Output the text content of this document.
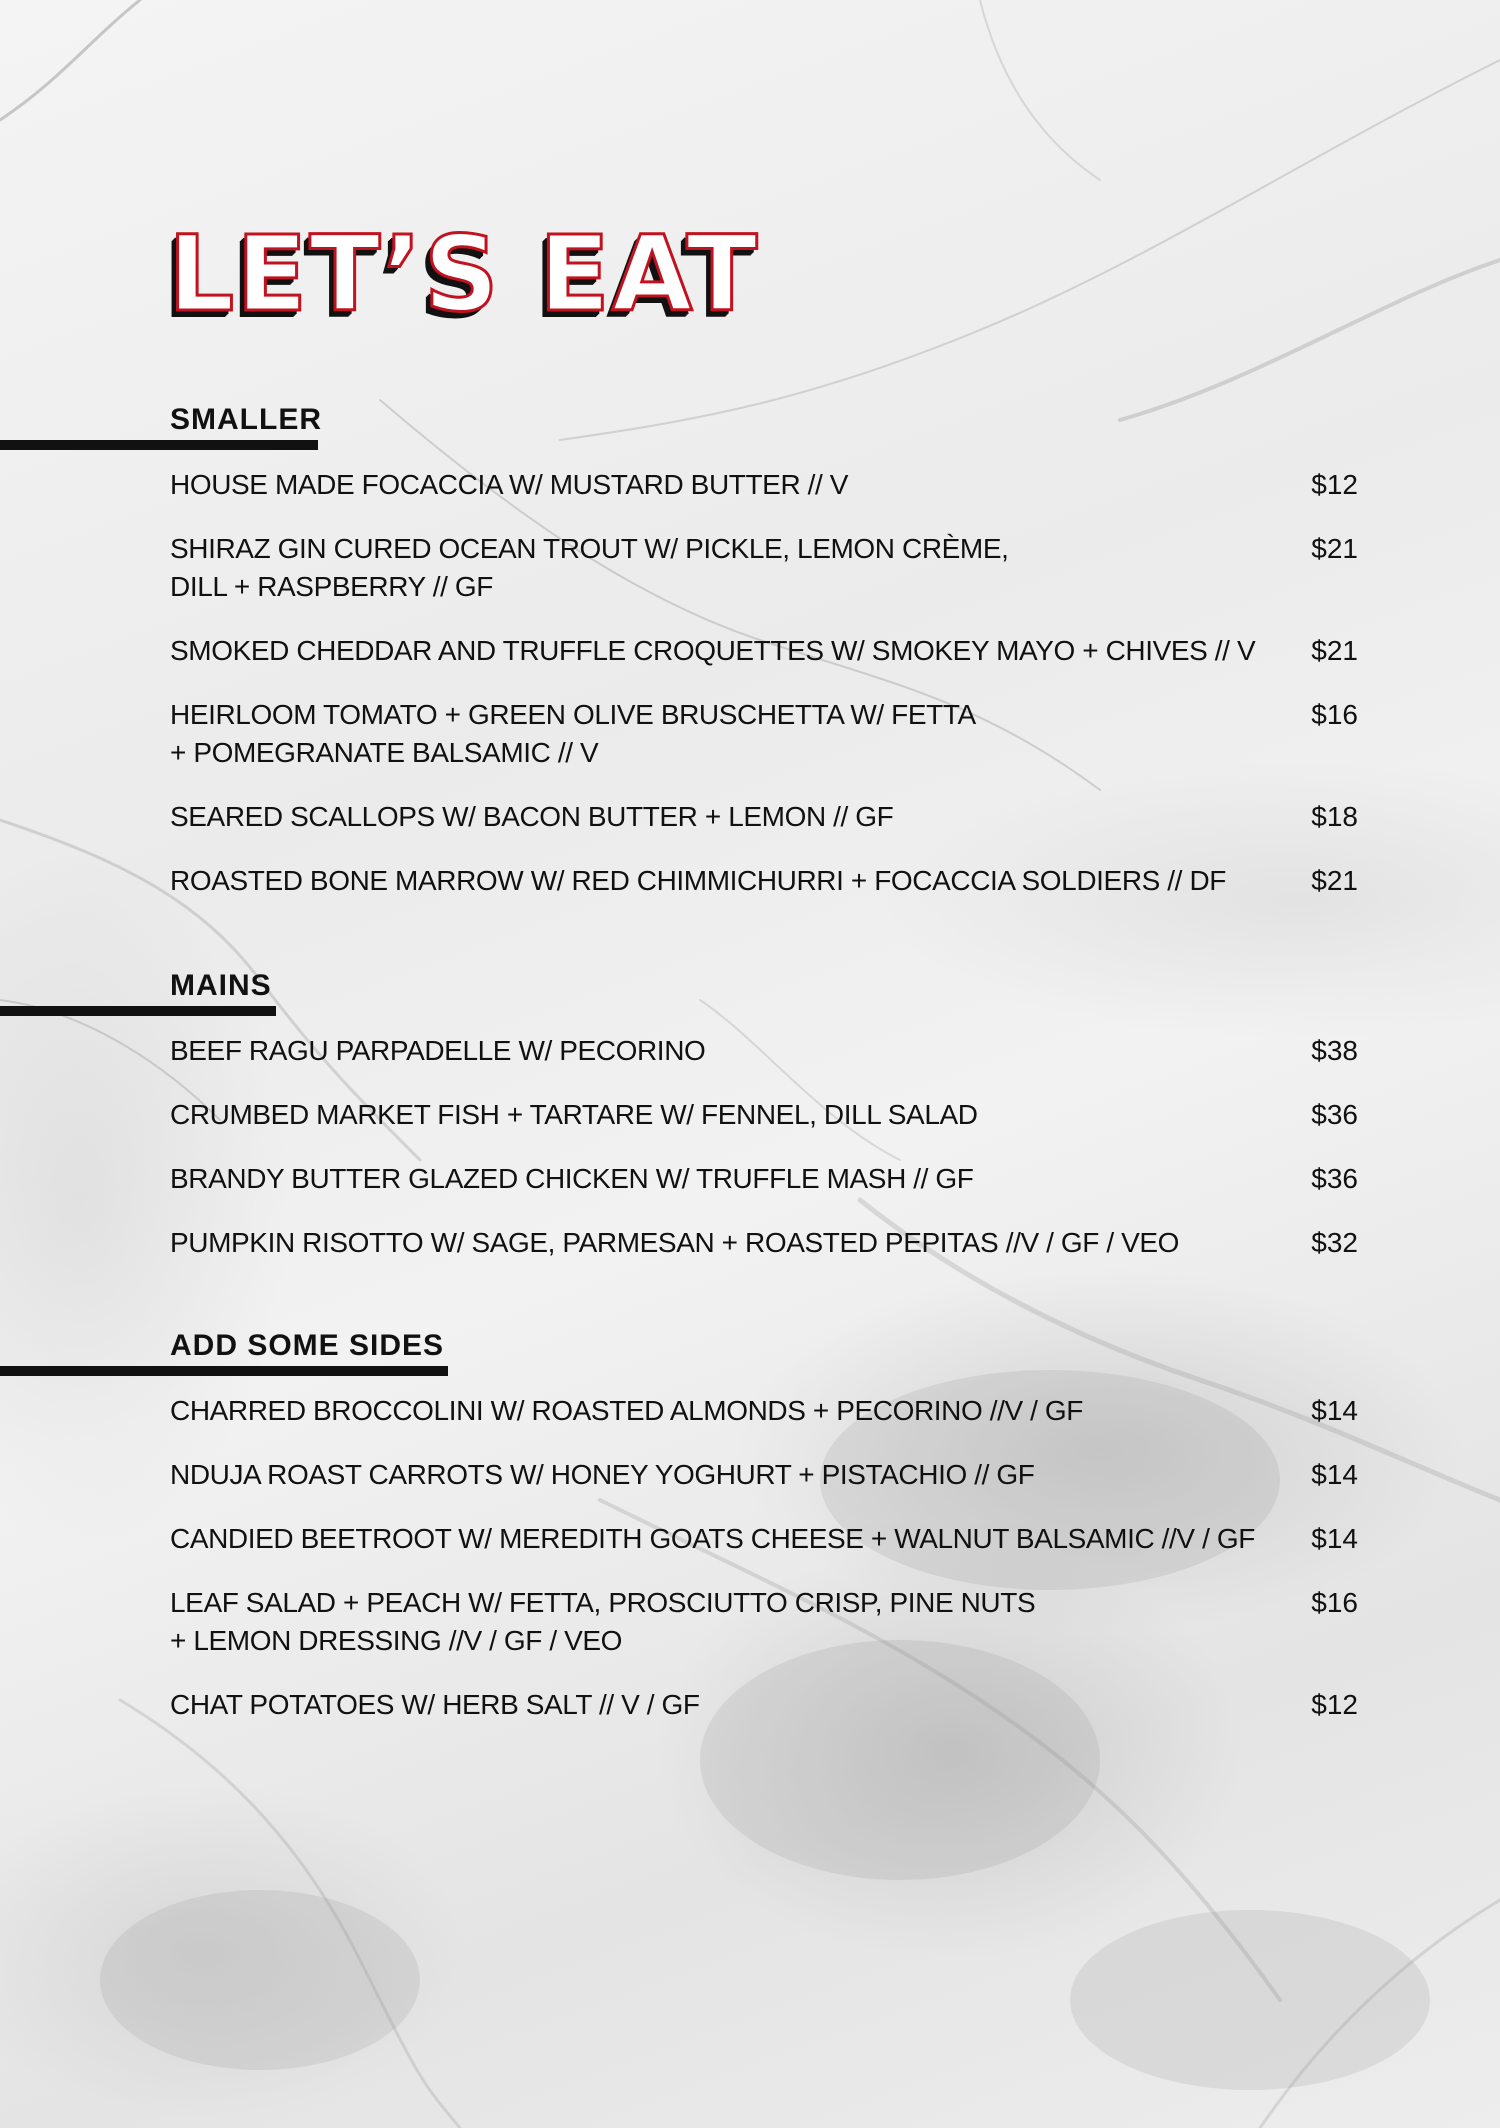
LET’S EAT
SMALLER
HOUSE MADE FOCACCIA W/ MUSTARD BUTTER // V	$12
SHIRAZ GIN CURED OCEAN TROUT W/ PICKLE, LEMON CRÈME,
DILL + RASPBERRY // GF
$21
SMOKED CHEDDAR AND TRUFFLE CROQUETTES W/ SMOKEY MAYO + CHIVES // V	$21
HEIRLOOM TOMATO + GREEN OLIVE BRUSCHETTA W/ FETTA
+ POMEGRANATE BALSAMIC // V
$16
SEARED SCALLOPS W/ BACON BUTTER + LEMON // GF	$18
ROASTED BONE MARROW W/ RED CHIMMICHURRI + FOCACCIA SOLDIERS // DF	$21
MAINS
BEEF RAGU PARPADELLE W/ PECORINO	$38
CRUMBED MARKET FISH + TARTARE W/ FENNEL, DILL SALAD	$36
BRANDY BUTTER GLAZED CHICKEN W/ TRUFFLE MASH // GF	$36
PUMPKIN RISOTTO W/ SAGE, PARMESAN + ROASTED PEPITAS //V / GF / VEO	$32
ADD SOME SIDES
CHARRED BROCCOLINI W/ ROASTED ALMONDS + PECORINO //V / GF	$14
NDUJA ROAST CARROTS W/ HONEY YOGHURT + PISTACHIO // GF	$14
CANDIED BEETROOT W/ MEREDITH GOATS CHEESE + WALNUT BALSAMIC //V / GF	$14
LEAF SALAD + PEACH W/ FETTA, PROSCIUTTO CRISP, PINE NUTS
+ LEMON DRESSING //V / GF / VEO
$16
CHAT POTATOES W/ HERB SALT // V / GF	$12
